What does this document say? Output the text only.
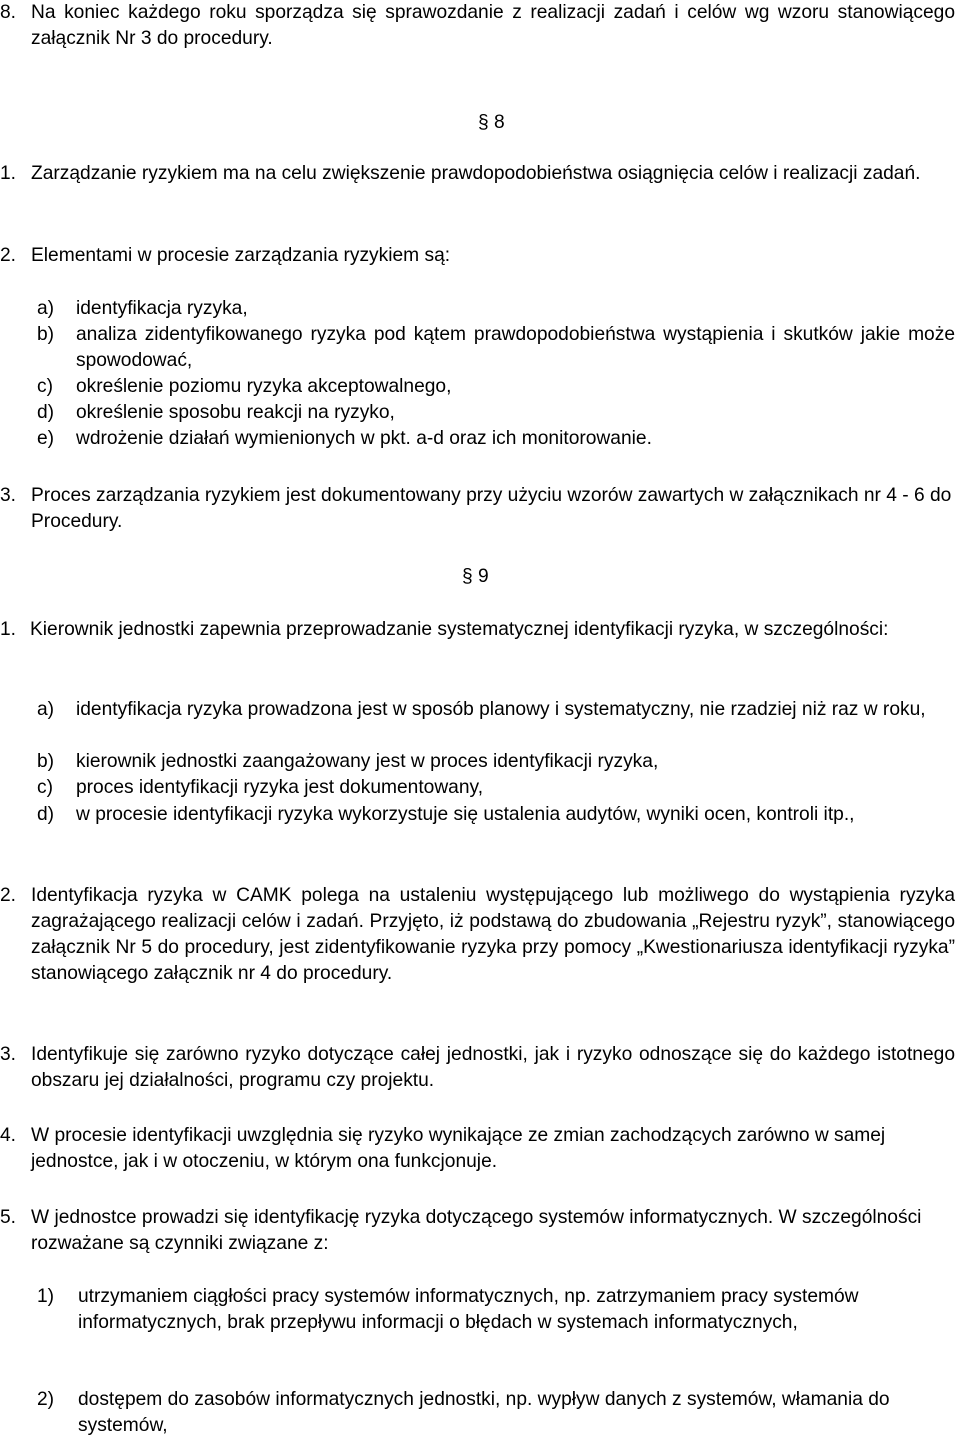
8. Na koniec każdego roku sporządza się sprawozdanie z realizacji zadań i celów wg wzoru stanowiącego załącznik Nr 3 do procedury.
§ 8
1. Zarządzanie ryzykiem ma na celu zwiększenie prawdopodobieństwa osiągnięcia celów i realizacji zadań.
2. Elementami w procesie zarządzania ryzykiem są:
a) identyfikacja ryzyka,
b) analiza zidentyfikowanego ryzyka pod kątem prawdopodobieństwa wystąpienia i skutków jakie może spowodować,
c) określenie poziomu ryzyka akceptowalnego,
d) określenie sposobu reakcji na ryzyko,
e) wdrożenie działań wymienionych w pkt. a-d oraz ich monitorowanie.
3. Proces zarządzania ryzykiem jest dokumentowany przy użyciu wzorów zawartych w załącznikach nr 4 - 6 do Procedury.
§ 9
1. Kierownik jednostki zapewnia przeprowadzanie systematycznej identyfikacji ryzyka, w szczególności:
a) identyfikacja ryzyka prowadzona jest w sposób planowy i systematyczny, nie rzadziej niż raz w roku,
b) kierownik jednostki zaangażowany jest w proces identyfikacji ryzyka,
c) proces identyfikacji ryzyka jest dokumentowany,
d) w procesie identyfikacji ryzyka wykorzystuje się ustalenia audytów, wyniki ocen, kontroli itp.,
2. Identyfikacja ryzyka w CAMK polega na ustaleniu występującego lub możliwego do wystąpienia ryzyka zagrażającego realizacji celów i zadań. Przyjęto, iż podstawą do zbudowania „Rejestru ryzyk”, stanowiącego załącznik Nr 5 do procedury, jest zidentyfikowanie ryzyka przy pomocy „Kwestionariusza identyfikacji ryzyka” stanowiącego załącznik nr 4 do procedury.
3. Identyfikuje się zarówno ryzyko dotyczące całej jednostki, jak i ryzyko odnoszące się do każdego istotnego obszaru jej działalności, programu czy projektu.
4. W procesie identyfikacji uwzględnia się ryzyko wynikające ze zmian zachodzących zarówno w samej jednostce, jak i w otoczeniu, w którym ona funkcjonuje.
5. W jednostce prowadzi się identyfikację ryzyka dotyczącego systemów informatycznych. W szczególności rozważane są czynniki związane z:
1) utrzymaniem ciągłości pracy systemów informatycznych, np. zatrzymaniem pracy systemów informatycznych, brak przepływu informacji o błędach w systemach informatycznych,
2) dostępem do zasobów informatycznych jednostki, np. wypływ danych z systemów, włamania do systemów,
